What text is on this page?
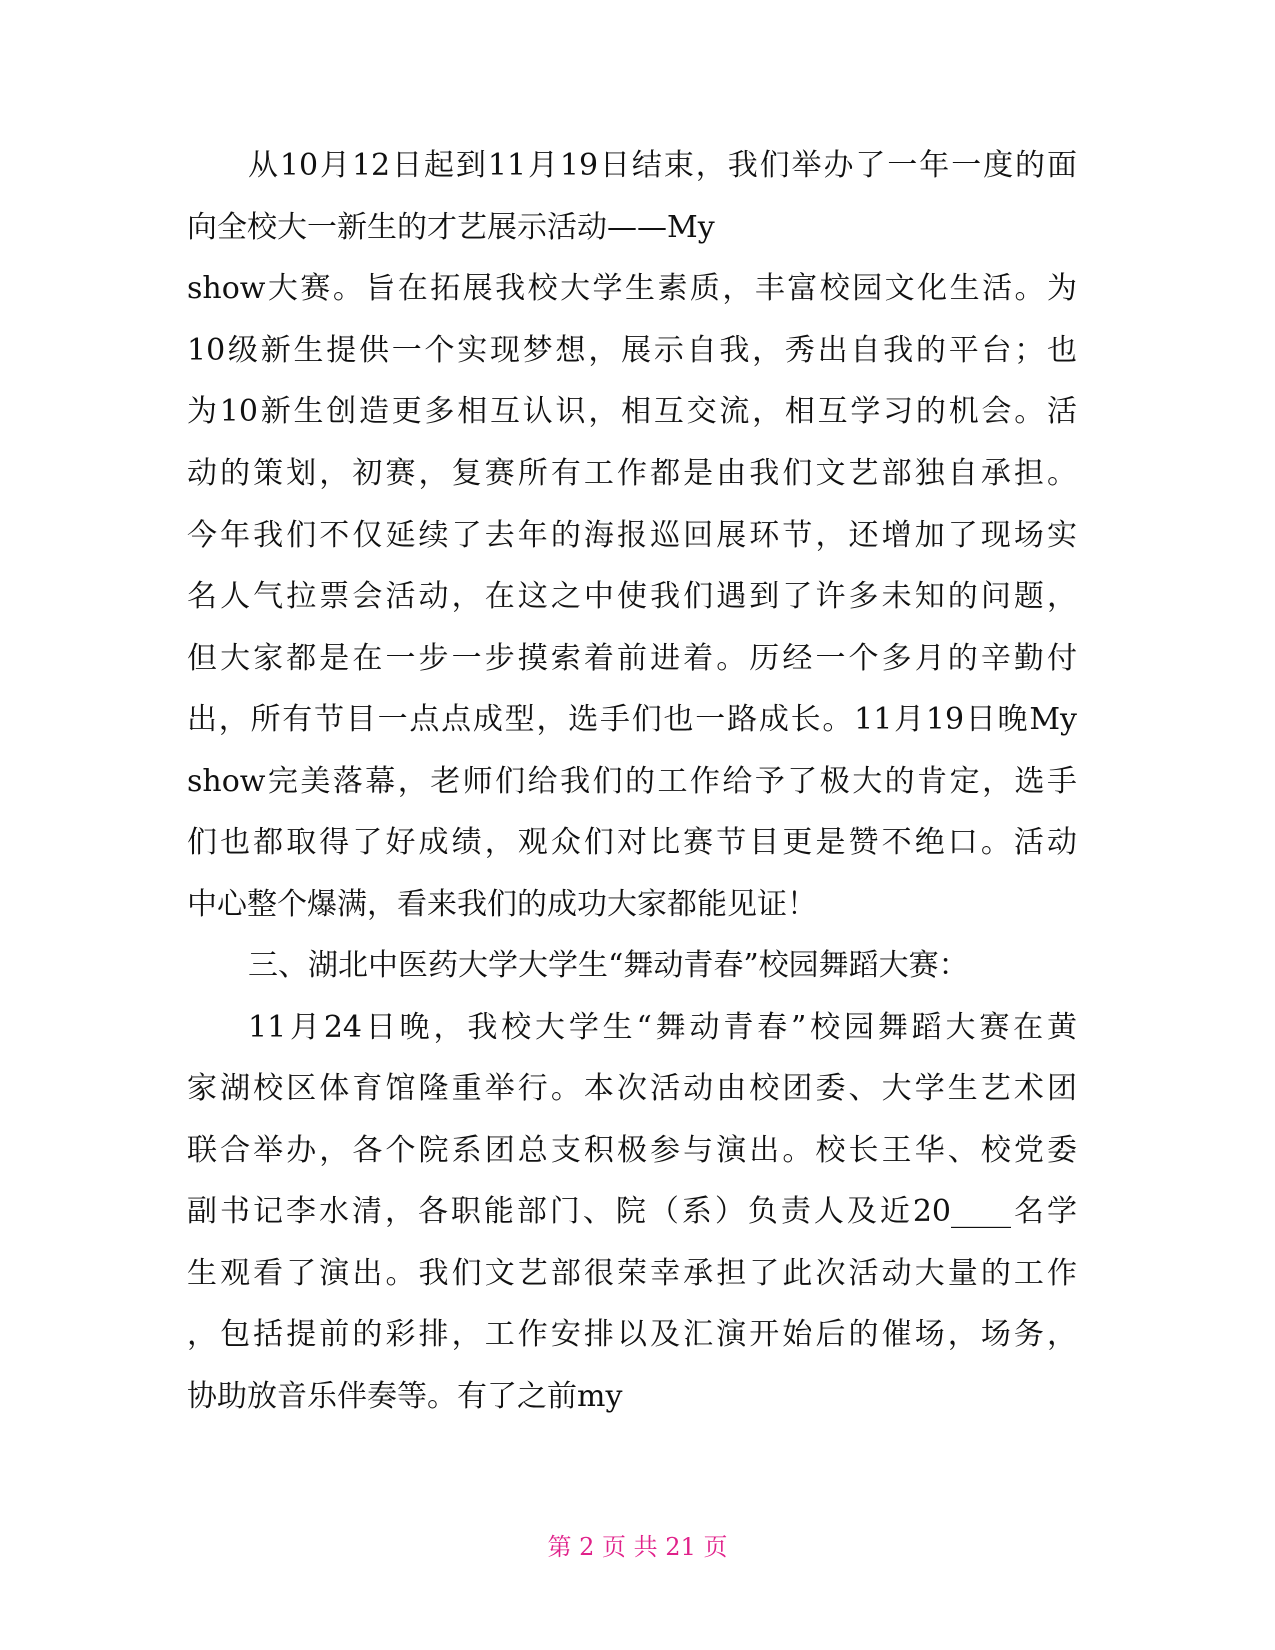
从10月12日起到11月19日结束，我们举办了一年一度的面
向全校大一新生的才艺展示活动——My
show大赛。旨在拓展我校大学生素质，丰富校园文化生活。为
10级新生提供一个实现梦想，展示自我，秀出自我的平台；也
为10新生创造更多相互认识，相互交流，相互学习的机会。活
动的策划，初赛，复赛所有工作都是由我们文艺部独自承担。
今年我们不仅延续了去年的海报巡回展环节，还增加了现场实
名人气拉票会活动，在这之中使我们遇到了许多未知的问题，
但大家都是在一步一步摸索着前进着。历经一个多月的辛勤付
出，所有节目一点点成型，选手们也一路成长。11月19日晚My
show完美落幕，老师们给我们的工作给予了极大的肯定，选手
们也都取得了好成绩，观众们对比赛节目更是赞不绝口。活动
中心整个爆满，看来我们的成功大家都能见证！
三、湖北中医药大学大学生“舞动青春”校园舞蹈大赛：
11月24日晚，我校大学生“舞动青春”校园舞蹈大赛在黄
家湖校区体育馆隆重举行。本次活动由校团委、大学生艺术团
联合举办，各个院系团总支积极参与演出。校长王华、校党委
副书记李水清，各职能部门、院（系）负责人及近20____名学
生观看了演出。我们文艺部很荣幸承担了此次活动大量的工作
，包括提前的彩排，工作安排以及汇演开始后的催场，场务，
协助放音乐伴奏等。有了之前my
第 2 页 共 21 页
